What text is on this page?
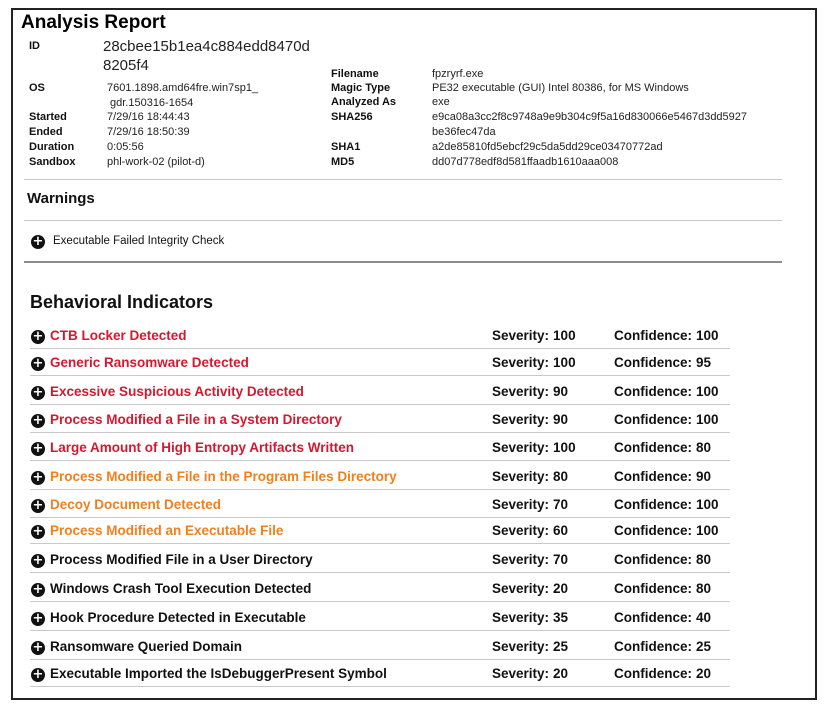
Analysis Report
ID	28cbee15b1ea4c884edd8470d
8205f4
OS	7601.1898.amd64fre.win7sp1_
gdr.150316-1654
Started	7/29/16 18:44:43
Ended	7/29/16 18:50:39
Duration	0:05:56
Sandbox	phl-work-02 (pilot-d)
Filename	fpzryrf.exe
Magic Type	PE32 executable (GUI) Intel 80386, for MS Windows
Analyzed As	exe
SHA256	e9ca08a3cc2f8c9748a9e9b304c9f5a16d830066e5467d3dd5927
be36fec47da
SHA1	a2de85810fd5ebcf29c5da5dd29ce03470772ad
MD5	dd07d778edf8d581ffaadb1610aaa008
Warnings
+ Executable Failed Integrity Check
Behavioral Indicators
+ CTB Locker Detected	Severity: 100	Confidence: 100
+ Generic Ransomware Detected	Severity: 100	Confidence: 95
+ Excessive Suspicious Activity Detected	Severity: 90	Confidence: 100
+ Process Modified a File in a System Directory	Severity: 90	Confidence: 100
+ Large Amount of High Entropy Artifacts Written	Severity: 100	Confidence: 80
+ Process Modified a File in the Program Files Directory	Severity: 80	Confidence: 90
+ Decoy Document Detected	Severity: 70	Confidence: 100
+ Process Modified an Executable File	Severity: 60	Confidence: 100
+ Process Modified File in a User Directory	Severity: 70	Confidence: 80
+ Windows Crash Tool Execution Detected	Severity: 20	Confidence: 80
+ Hook Procedure Detected in Executable	Severity: 35	Confidence: 40
+ Ransomware Queried Domain	Severity: 25	Confidence: 25
+ Executable Imported the IsDebuggerPresent Symbol	Severity: 20	Confidence: 20
